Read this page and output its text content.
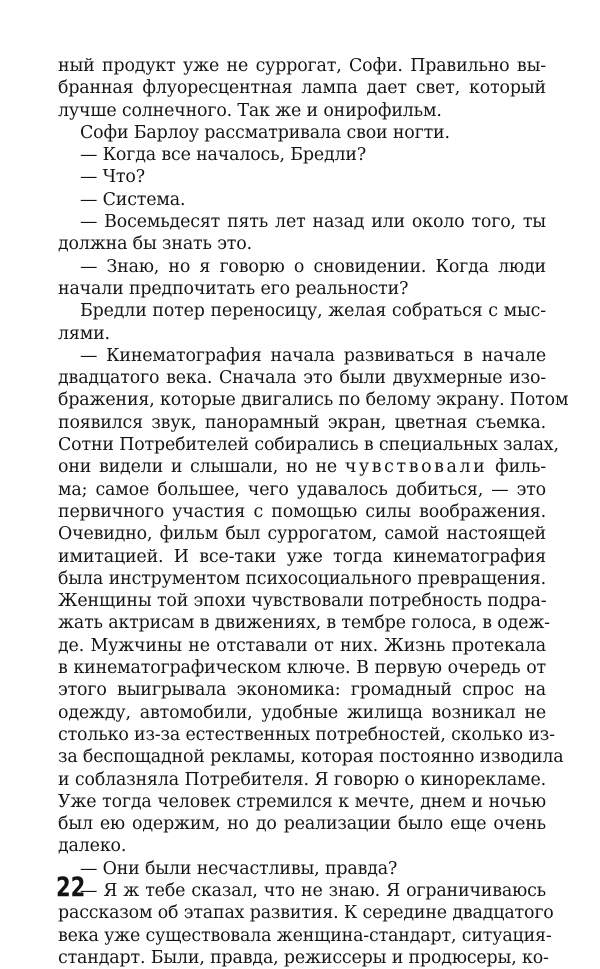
ный продукт уже не суррогат, Софи. Правильно вы-
бранная флуоресцентная лампа дает свет, который
лучше солнечного. Так же и онирофильм.
Софи Барлоу рассматривала свои ногти.
— Когда все началось, Бредли?
— Что?
— Система.
— Восемьдесят пять лет назад или около того, ты
должна бы знать это.
— Знаю, но я говорю о сновидении. Когда люди
начали предпочитать его реальности?
Бредли потер переносицу, желая собраться с мыс-
лями.
— Кинематография начала развиваться в начале
двадцатого века. Сначала это были двухмерные изо-
бражения, которые двигались по белому экрану. Потом
появился звук, панорамный экран, цветная съемка.
Сотни Потребителей собирались в специальных залах,
они видели и слышали, но не чувствовали филь-
ма; самое большее, чего удавалось добиться, — это
первичного участия с помощью силы воображения.
Очевидно, фильм был суррогатом, самой настоящей
имитацией. И все-таки уже тогда кинематография
была инструментом психосоциального превращения.
Женщины той эпохи чувствовали потребность подра-
жать актрисам в движениях, в тембре голоса, в одеж-
де. Мужчины не отставали от них. Жизнь протекала
в кинематографическом ключе. В первую очередь от
этого выигрывала экономика: громадный спрос на
одежду, автомобили, удобные жилища возникал не
столько из-за естественных потребностей, сколько из-
за беспощадной рекламы, которая постоянно изводила
и соблазняла Потребителя. Я говорю о кинорекламе.
Уже тогда человек стремился к мечте, днем и ночью
был ею одержим, но до реализации было еще очень
далеко.
— Они были несчастливы, правда?
— Я ж тебе сказал, что не знаю. Я ограничиваюсь
рассказом об этапах развития. К середине двадцатого
века уже существовала женщина-стандарт, ситуация-
стандарт. Были, правда, режиссеры и продюсеры, ко-
22
